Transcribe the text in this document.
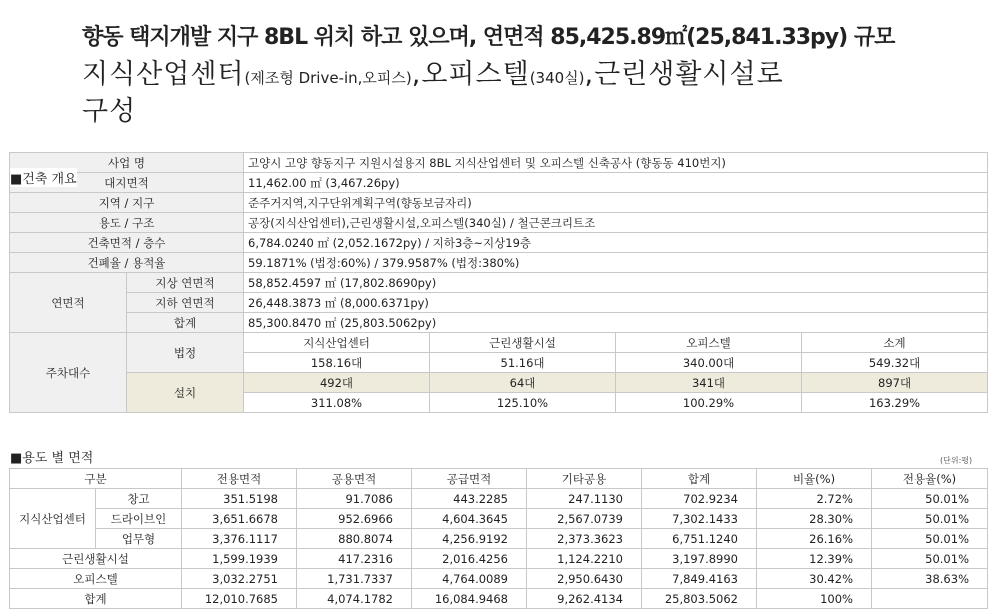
향동 택지개발 지구 8BL 위치 하고 있으며, 연면적 85,425.89㎡(25,841.33py) 규모
지식산업센터(제조형 Drive-in,오피스),오피스텔(340실),근린생활시설로
구성
사업 명		고양시 고양 향동지구 지원시설용지 8BL 지식산업센터 및 오피스텔 신축공사 (향동동 410번지)			
대지면적		11,462.00 ㎡ (3,467.26py)			
지역 / 지구		준주거지역,지구단위계획구역(향동보금자리)			
용도 / 구조		공장(지식산업센터),근린생활시설,오피스텔(340실) / 철근콘크리트조			
건축면적 / 층수		6,784.0240 ㎡ (2,052.1672py) / 지하3층~지상19층			
건폐율 / 용적율		59.1871% (법정:60%) / 379.9587% (법정:380%)			
연면적	지상 연면적	58,852.4597 ㎡ (17,802.8690py)			
	지하 연면적	26,448.3873 ㎡ (8,000.6371py)			
	합계	85,300.8470 ㎡ (25,803.5062py)			
주차대수	법정	지식산업센터	근린생활시설	오피스텔	소계
		158.16대	51.16대	340.00대	549.32대
	설치	492대	64대	341대	897대
		311.08%	125.10%	100.29%	163.29%
■건축 개요
■용도 별 면적	(단위:평)
구분		전용면적	공용면적	공급면적	기타공용	합계	비율(%)	전용율(%)
지식산업센터	창고	351.5198	91.7086	443.2285	247.1130	702.9234	2.72%	50.01%
	드라이브인	3,651.6678	952.6966	4,604.3645	2,567.0739	7,302.1433	28.30%	50.01%
	업무형	3,376.1117	880.8074	4,256.9192	2,373.3623	6,751.1240	26.16%	50.01%
근린생활시설		1,599.1939	417.2316	2,016.4256	1,124.2210	3,197.8990	12.39%	50.01%
오피스텔		3,032.2751	1,731.7337	4,764.0089	2,950.6430	7,849.4163	30.42%	38.63%
합계		12,010.7685	4,074.1782	16,084.9468	9,262.4134	25,803.5062	100%	
